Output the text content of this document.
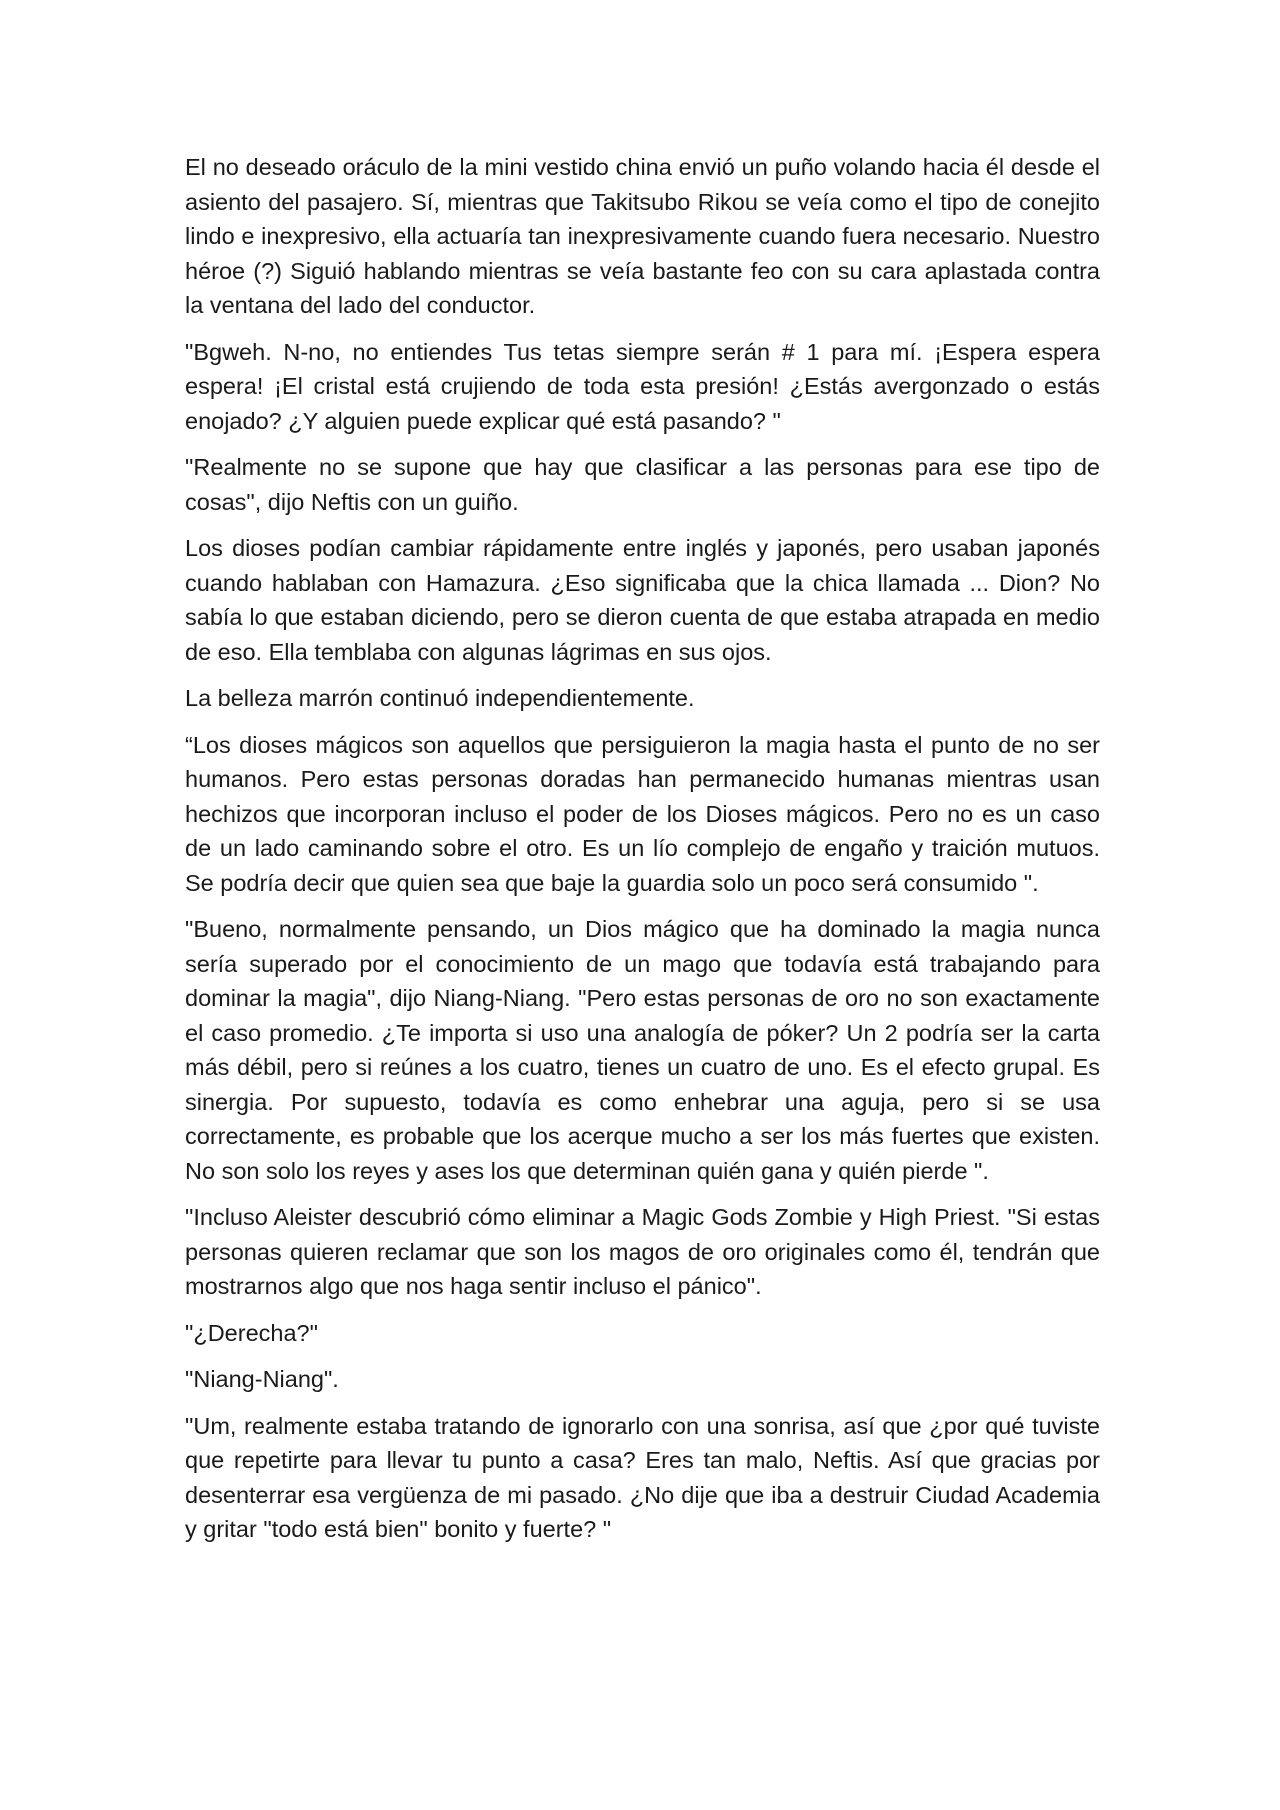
El no deseado oráculo de la mini vestido china envió un puño volando hacia él desde el asiento del pasajero. Sí, mientras que Takitsubo Rikou se veía como el tipo de conejito lindo e inexpresivo, ella actuaría tan inexpresivamente cuando fuera necesario. Nuestro héroe (?) Siguió hablando mientras se veía bastante feo con su cara aplastada contra la ventana del lado del conductor.

"Bgweh. N-no, no entiendes Tus tetas siempre serán # 1 para mí. ¡Espera espera espera! ¡El cristal está crujiendo de toda esta presión! ¿Estás avergonzado o estás enojado? ¿Y alguien puede explicar qué está pasando? "

"Realmente no se supone que hay que clasificar a las personas para ese tipo de cosas", dijo Neftis con un guiño.

Los dioses podían cambiar rápidamente entre inglés y japonés, pero usaban japonés cuando hablaban con Hamazura. ¿Eso significaba que la chica llamada ... Dion? No sabía lo que estaban diciendo, pero se dieron cuenta de que estaba atrapada en medio de eso. Ella temblaba con algunas lágrimas en sus ojos.

La belleza marrón continuó independientemente.

“Los dioses mágicos son aquellos que persiguieron la magia hasta el punto de no ser humanos. Pero estas personas doradas han permanecido humanas mientras usan hechizos que incorporan incluso el poder de los Dioses mágicos. Pero no es un caso de un lado caminando sobre el otro. Es un lío complejo de engaño y traición mutuos. Se podría decir que quien sea que baje la guardia solo un poco será consumido ".

"Bueno, normalmente pensando, un Dios mágico que ha dominado la magia nunca sería superado por el conocimiento de un mago que todavía está trabajando para dominar la magia", dijo Niang-Niang. "Pero estas personas de oro no son exactamente el caso promedio. ¿Te importa si uso una analogía de póker? Un 2 podría ser la carta más débil, pero si reúnes a los cuatro, tienes un cuatro de uno. Es el efecto grupal. Es sinergia. Por supuesto, todavía es como enhebrar una aguja, pero si se usa correctamente, es probable que los acerque mucho a ser los más fuertes que existen. No son solo los reyes y ases los que determinan quién gana y quién pierde ".

"Incluso Aleister descubrió cómo eliminar a Magic Gods Zombie y High Priest. "Si estas personas quieren reclamar que son los magos de oro originales como él, tendrán que mostrarnos algo que nos haga sentir incluso el pánico".

"¿Derecha?"

"Niang-Niang".

"Um, realmente estaba tratando de ignorarlo con una sonrisa, así que ¿por qué tuviste que repetirte para llevar tu punto a casa? Eres tan malo, Neftis. Así que gracias por desenterrar esa vergüenza de mi pasado. ¿No dije que iba a destruir Ciudad Academia y gritar "todo está bien" bonito y fuerte? "
